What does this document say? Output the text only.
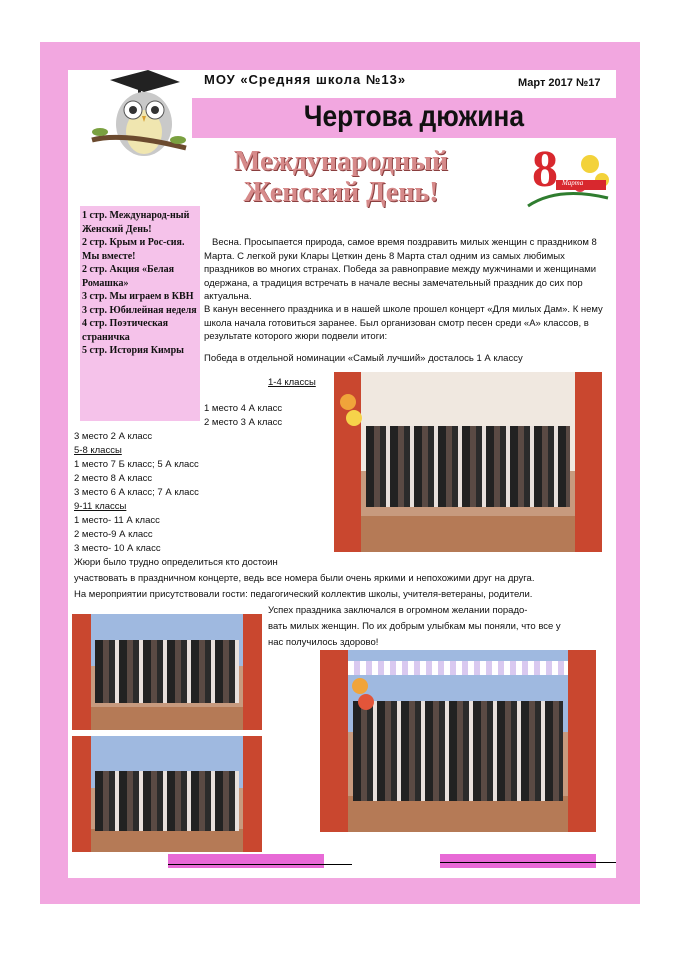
МОУ «Средняя школа №13»	Март 2017 №17
Чертова дюжина
Международный
Женский День!	8 Марта
1 стр. Международ-ный Женский День!
2 стр. Крым и Рос-сия. Мы вместе!
2 стр. Акция «Белая Ромашка»
3 стр. Мы играем в КВН
3 стр. Юбилейная неделя
4 стр. Поэтическая страничка
5 стр. История Кимры
Весна. Просыпается природа, самое время поздравить милых женщин с праздником 8 Марта. С легкой руки Клары Цеткин день 8 Марта стал одним из самых любимых праздников во многих странах. Победа за равноправие между мужчинами и женщинами одержана, а традиция встречать в начале весны замечательный праздник до сих пор актуальна.
В канун весеннего праздника и в нашей школе прошел концерт «Для милых Дам». К нему школа начала готовиться заранее. Был организован смотр песен среди «А» классов, в результате которого жюри подвели итоги:
Победа в отдельной номинации «Самый лучший» досталось 1 А классу
1-4 классы
1 место 4 А класс
2 место 3 А класс
3 место 2 А класс
5-8 классы
1 место 7 Б класс; 5 А класс
2 место 8 А класс
3 место 6 А класс; 7 А класс
9-11 классы
1 место- 11 А класс
2 место-9 А класс
3 место- 10 А класс
Жюри было трудно определиться кто достоин
участвовать в праздничном концерте, ведь все номера были очень яркими и непохожими друг на друга.
На мероприятии присутствовали гости: педагогический коллектив школы, учителя-ветераны, родители.
Успех праздника заключался в огромном желании порадо-
вать милых женщин. По их добрым улыбкам мы поняли, что все у
нас получилось здорово!
